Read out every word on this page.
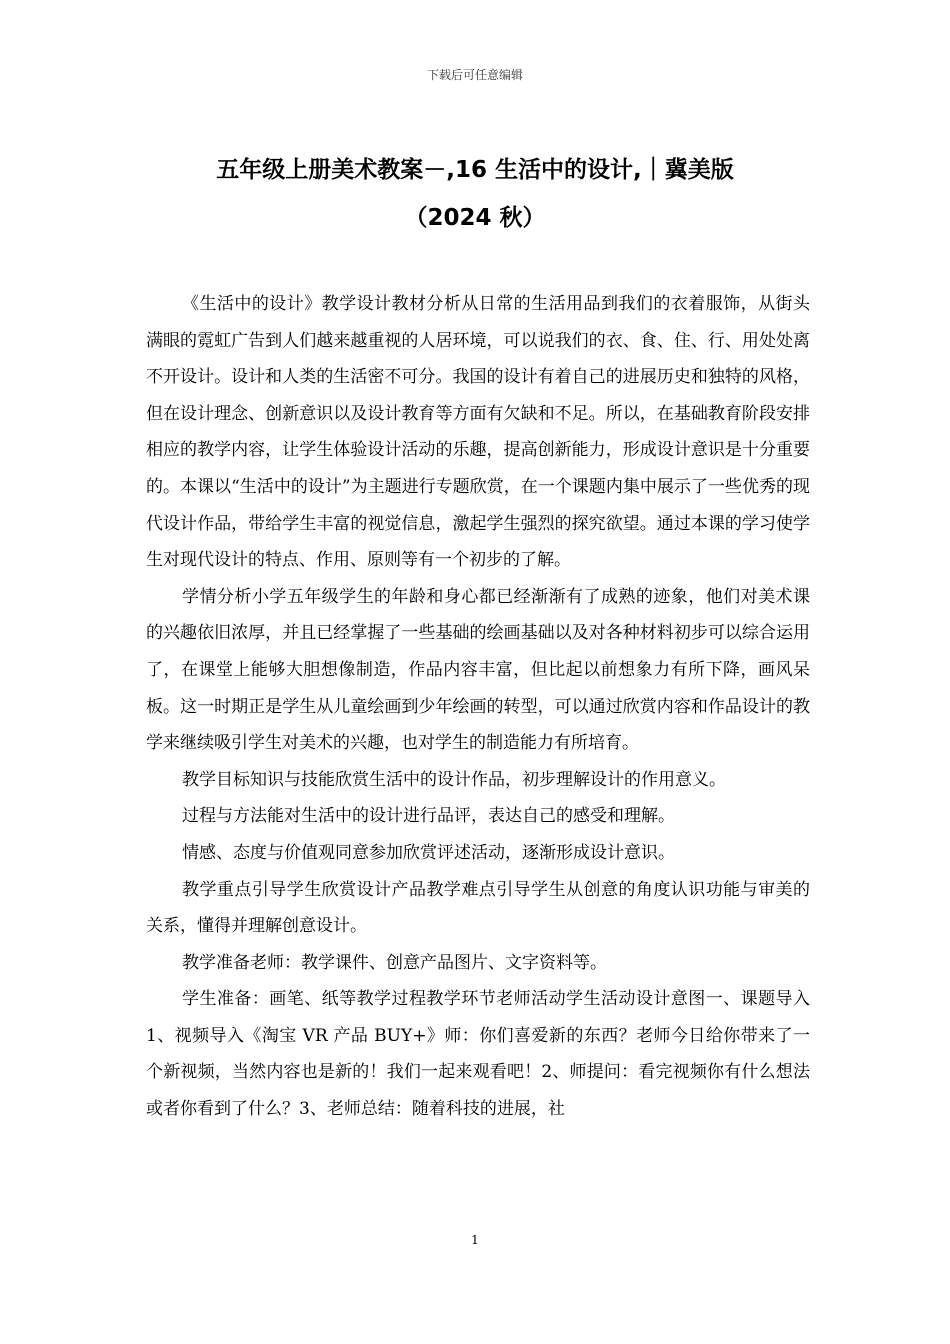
下载后可任意编辑
五年级上册美术教案－,16 生活中的设计,｜冀美版
（2024 秋）

《生活中的设计》教学设计教材分析从日常的生活用品到我们的衣着服饰，从街头满眼的霓虹广告到人们越来越重视的人居环境，可以说我们的衣、食、住、行、用处处离不开设计。设计和人类的生活密不可分。我国的设计有着自己的进展历史和独特的风格，但在设计理念、创新意识以及设计教育等方面有欠缺和不足。所以，在基础教育阶段安排相应的教学内容，让学生体验设计活动的乐趣，提高创新能力，形成设计意识是十分重要的。本课以“生活中的设计”为主题进行专题欣赏，在一个课题内集中展示了一些优秀的现代设计作品，带给学生丰富的视觉信息，激起学生强烈的探究欲望。通过本课的学习使学生对现代设计的特点、作用、原则等有一个初步的了解。

学情分析小学五年级学生的年龄和身心都已经渐渐有了成熟的迹象，他们对美术课的兴趣依旧浓厚，并且已经掌握了一些基础的绘画基础以及对各种材料初步可以综合运用了，在课堂上能够大胆想像制造，作品内容丰富，但比起以前想象力有所下降，画风呆板。这一时期正是学生从儿童绘画到少年绘画的转型，可以通过欣赏内容和作品设计的教学来继续吸引学生对美术的兴趣，也对学生的制造能力有所培育。

教学目标知识与技能欣赏生活中的设计作品，初步理解设计的作用意义。

过程与方法能对生活中的设计进行品评，表达自己的感受和理解。

情感、态度与价值观同意参加欣赏评述活动，逐渐形成设计意识。

教学重点引导学生欣赏设计产品教学难点引导学生从创意的角度认识功能与审美的关系，懂得并理解创意设计。

教学准备老师：教学课件、创意产品图片、文字资料等。

学生准备：画笔、纸等教学过程教学环节老师活动学生活动设计意图一、课题导入 1、视频导入《淘宝 VR 产品 BUY+》师：你们喜爱新的东西？老师今日给你带来了一个新视频，当然内容也是新的！我们一起来观看吧！2、师提问：看完视频你有什么想法或者你看到了什么？3、老师总结：随着科技的进展，社

1
